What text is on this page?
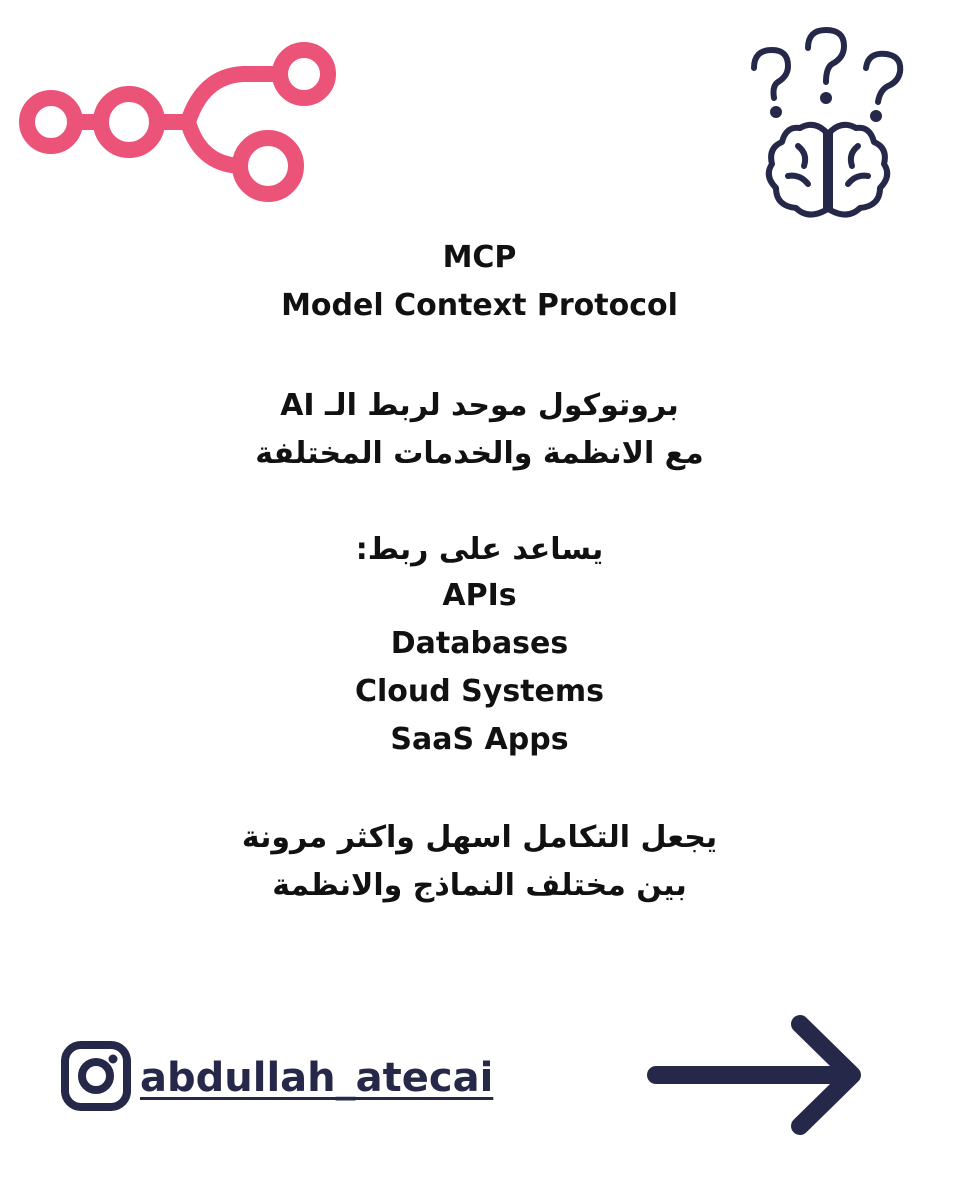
MCP
Model Context Protocol
بروتوكول موحد لربط الـ AI
مع الانظمة والخدمات المختلفة
يساعد على ربط:
APIs
Databases
Cloud Systems
SaaS Apps
يجعل التكامل اسهل واكثر مرونة
بين مختلف النماذج والانظمة
abdullah_atecai
